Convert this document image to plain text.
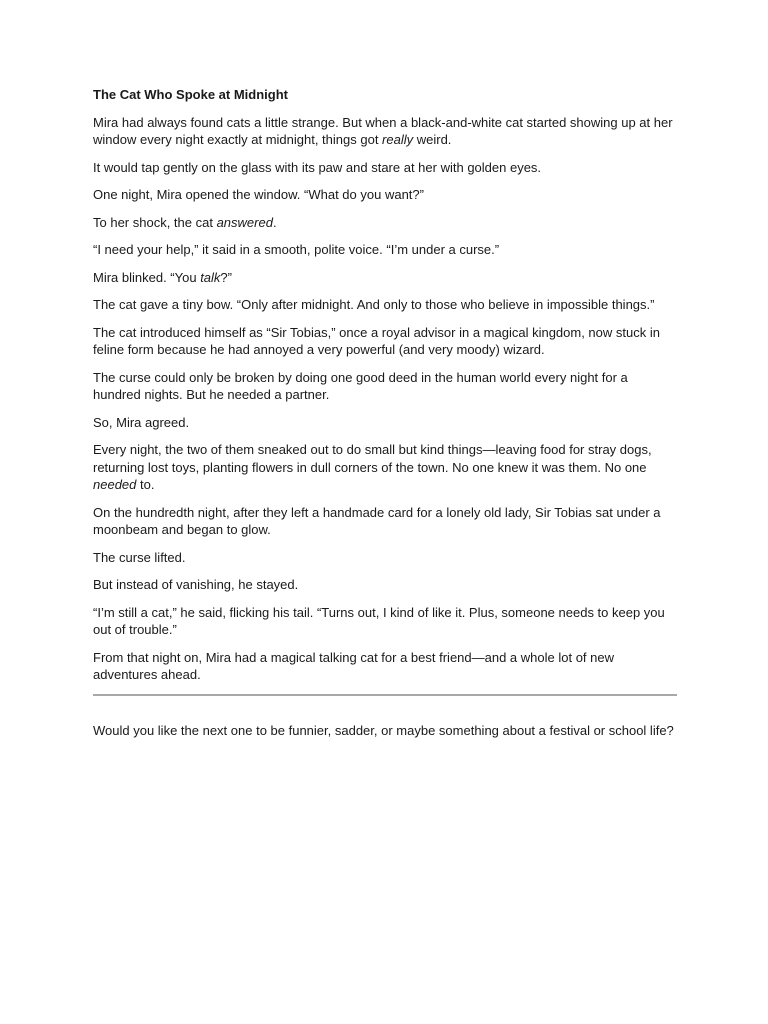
The Cat Who Spoke at Midnight

Mira had always found cats a little strange. But when a black-and-white cat started showing up at her window every night exactly at midnight, things got really weird.

It would tap gently on the glass with its paw and stare at her with golden eyes.

One night, Mira opened the window. “What do you want?”

To her shock, the cat answered.

“I need your help,” it said in a smooth, polite voice. “I’m under a curse.”

Mira blinked. “You talk?”

The cat gave a tiny bow. “Only after midnight. And only to those who believe in impossible things.”

The cat introduced himself as “Sir Tobias,” once a royal advisor in a magical kingdom, now stuck in feline form because he had annoyed a very powerful (and very moody) wizard.

The curse could only be broken by doing one good deed in the human world every night for a hundred nights. But he needed a partner.

So, Mira agreed.

Every night, the two of them sneaked out to do small but kind things—leaving food for stray dogs, returning lost toys, planting flowers in dull corners of the town. No one knew it was them. No one needed to.

On the hundredth night, after they left a handmade card for a lonely old lady, Sir Tobias sat under a moonbeam and began to glow.

The curse lifted.

But instead of vanishing, he stayed.

“I’m still a cat,” he said, flicking his tail. “Turns out, I kind of like it. Plus, someone needs to keep you out of trouble.”

From that night on, Mira had a magical talking cat for a best friend—and a whole lot of new adventures ahead.

Would you like the next one to be funnier, sadder, or maybe something about a festival or school life?
